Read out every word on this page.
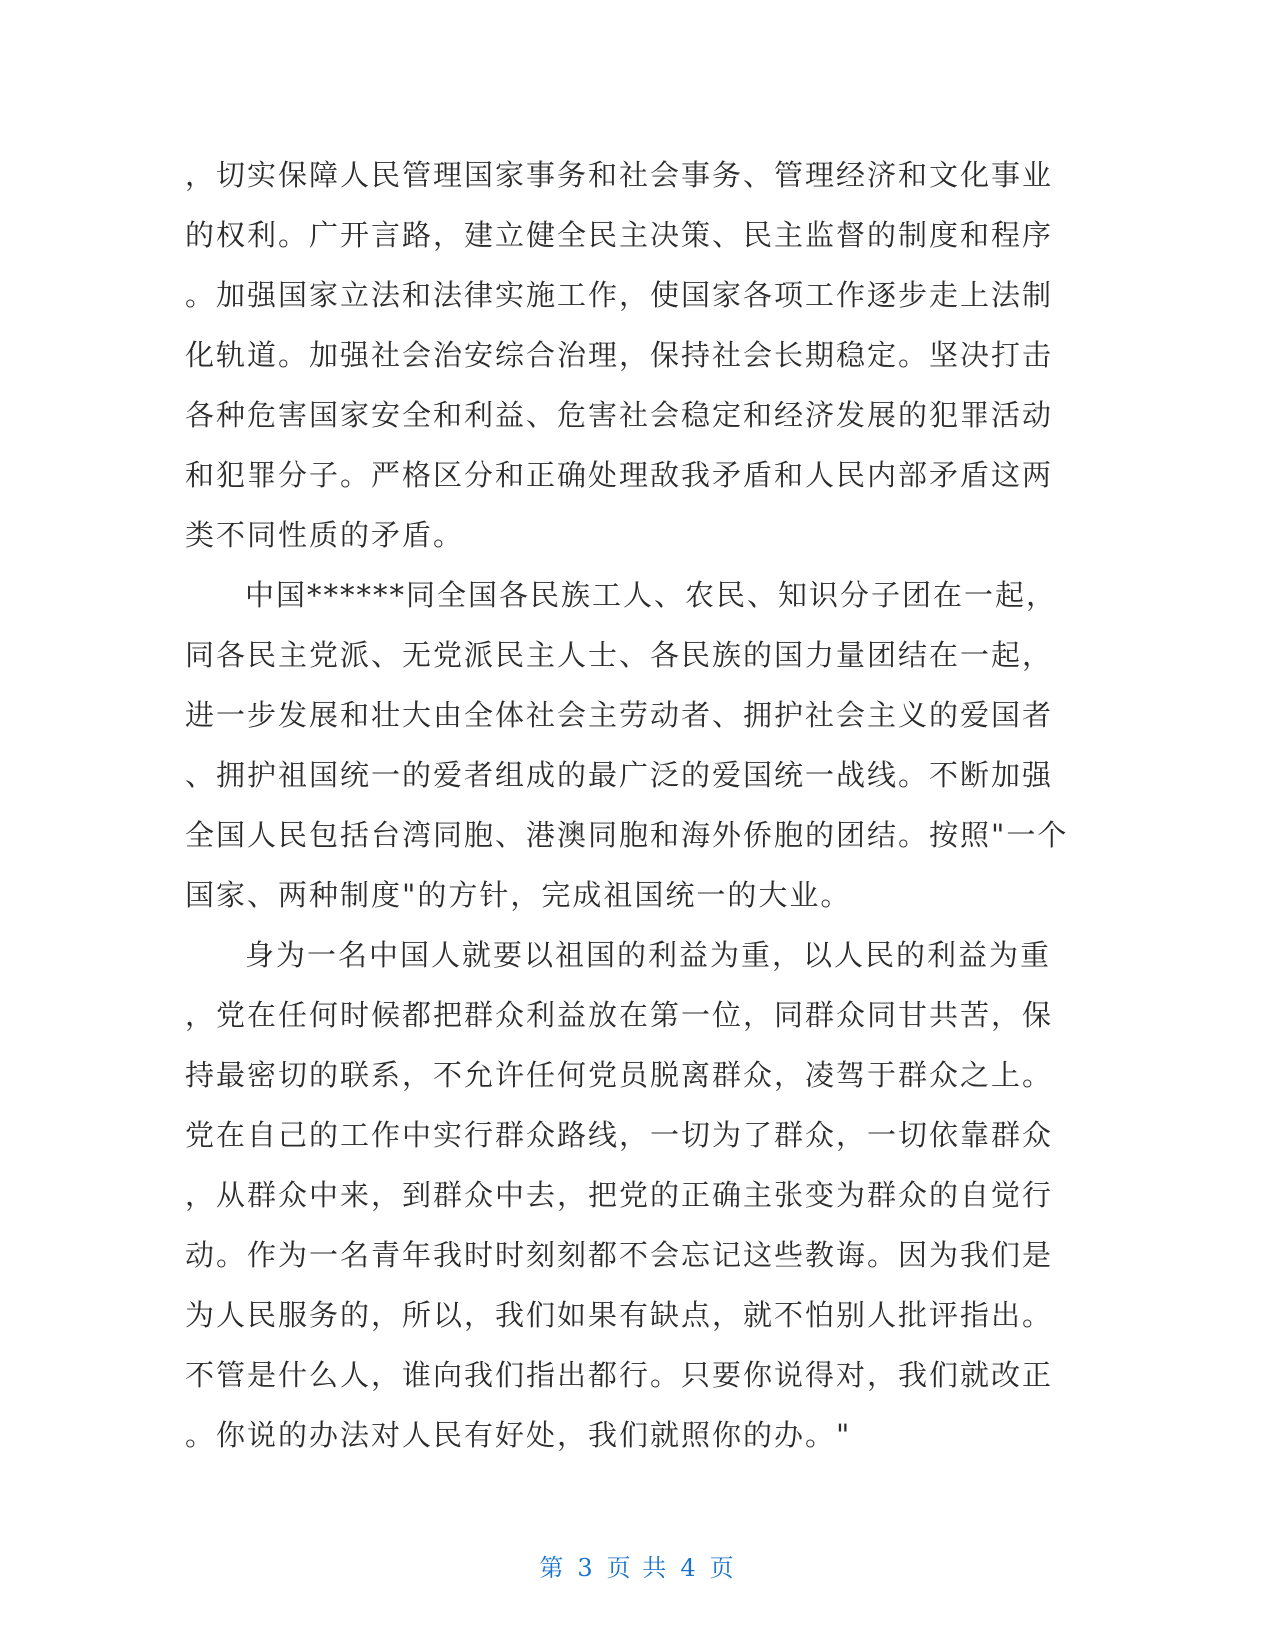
，切实保障人民管理国家事务和社会事务、管理经济和文化事业
的权利。广开言路，建立健全民主决策、民主监督的制度和程序
。加强国家立法和法律实施工作，使国家各项工作逐步走上法制
化轨道。加强社会治安综合治理，保持社会长期稳定。坚决打击
各种危害国家安全和利益、危害社会稳定和经济发展的犯罪活动
和犯罪分子。严格区分和正确处理敌我矛盾和人民内部矛盾这两
类不同性质的矛盾。
中国******同全国各民族工人、农民、知识分子团在一起，
同各民主党派、无党派民主人士、各民族的国力量团结在一起，
进一步发展和壮大由全体社会主劳动者、拥护社会主义的爱国者
、拥护祖国统一的爱者组成的最广泛的爱国统一战线。不断加强
全国人民包括台湾同胞、港澳同胞和海外侨胞的团结。按照"一个
国家、两种制度"的方针，完成祖国统一的大业。
身为一名中国人就要以祖国的利益为重，以人民的利益为重
，党在任何时候都把群众利益放在第一位，同群众同甘共苦，保
持最密切的联系，不允许任何党员脱离群众，凌驾于群众之上。
党在自己的工作中实行群众路线，一切为了群众，一切依靠群众
，从群众中来，到群众中去，把党的正确主张变为群众的自觉行
动。作为一名青年我时时刻刻都不会忘记这些教诲。因为我们是
为人民服务的，所以，我们如果有缺点，就不怕别人批评指出。
不管是什么人，谁向我们指出都行。只要你说得对，我们就改正
。你说的办法对人民有好处，我们就照你的办。"
第 3 页 共 4 页
